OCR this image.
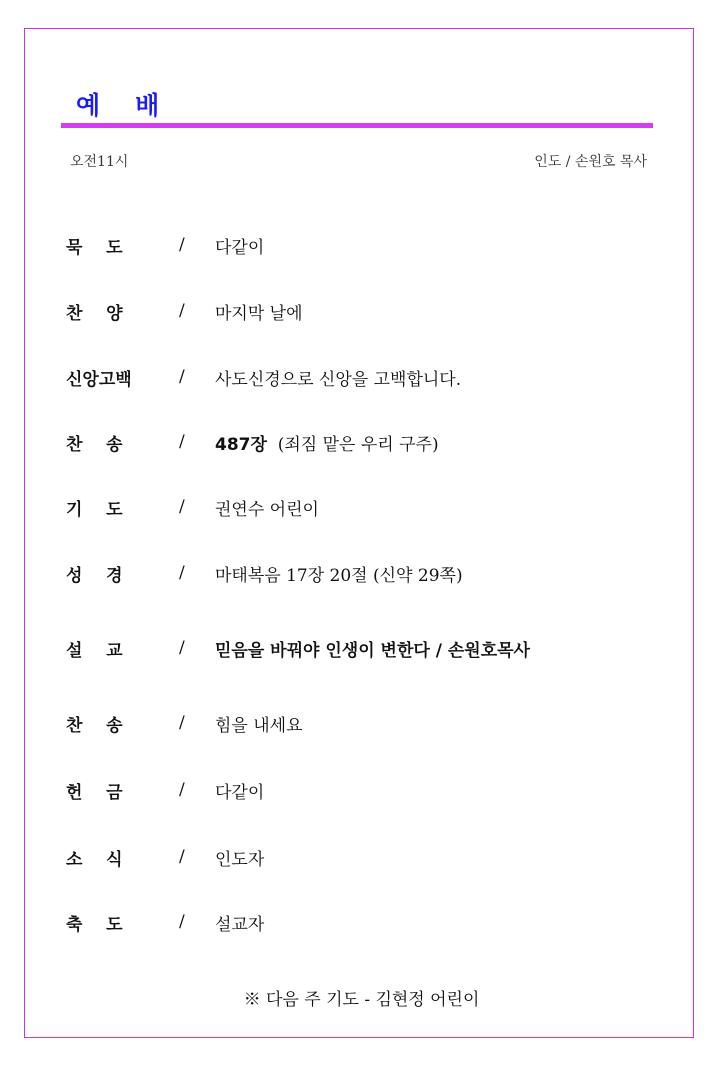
예 배
오전11시	인도 / 손원호 목사
묵    도	/	다같이
찬    양	/	마지막 날에
신앙고백	/	사도신경으로 신앙을 고백합니다.
찬    송	/	487장  (죄짐 맡은 우리 구주)
기    도	/	권연수 어린이
성    경	/	마태복음 17장 20절 (신약 29쪽)
설    교	/	믿음을 바꿔야 인생이 변한다 / 손원호목사
찬    송	/	힘을 내세요
헌    금	/	다같이
소    식	/	인도자
축    도	/	설교자
※ 다음 주 기도 - 김현정 어린이
